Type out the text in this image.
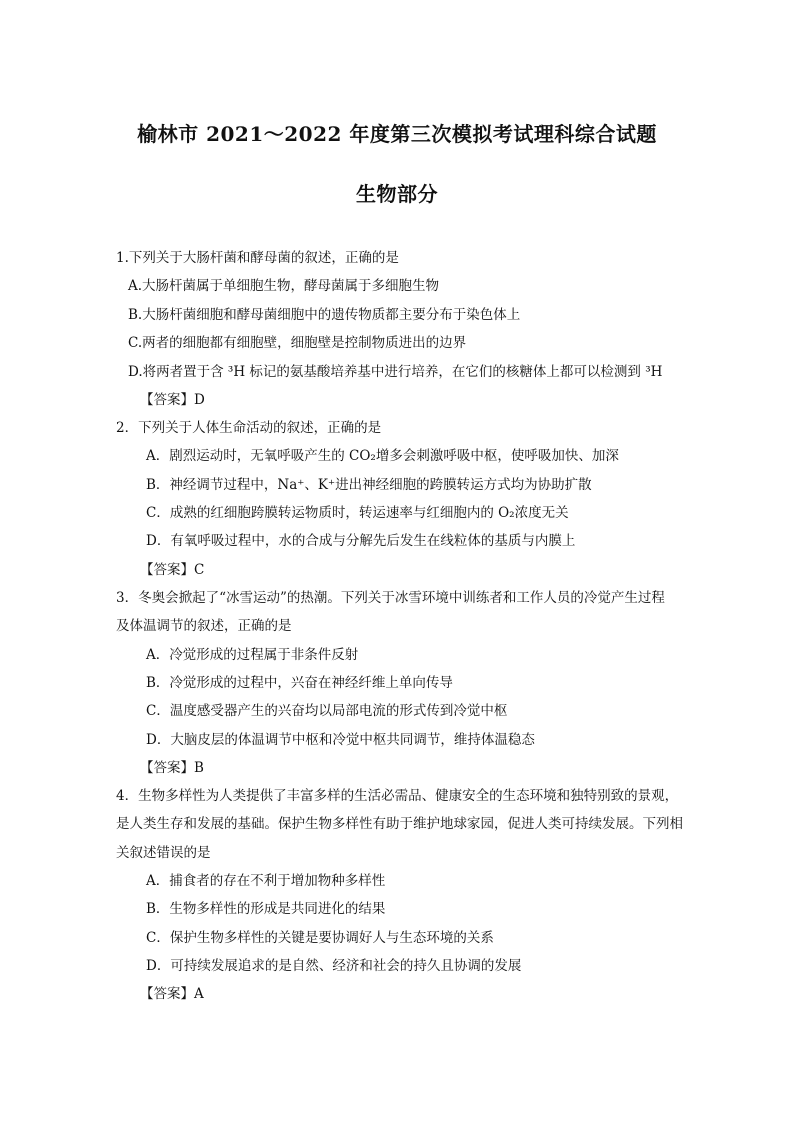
榆林市 2021～2022 年度第三次模拟考试理科综合试题
生物部分
1.下列关于大肠杆菌和酵母菌的叙述，正确的是
A.大肠杆菌属于单细胞生物，酵母菌属于多细胞生物
B.大肠杆菌细胞和酵母菌细胞中的遗传物质都主要分布于染色体上
C.两者的细胞都有细胞壁，细胞壁是控制物质进出的边界
D.将两者置于含 ³H 标记的氨基酸培养基中进行培养，在它们的核糖体上都可以检测到 ³H
【答案】D
2．下列关于人体生命活动的叙述，正确的是
A．剧烈运动时，无氧呼吸产生的 CO₂增多会刺激呼吸中枢，使呼吸加快、加深
B．神经调节过程中，Na⁺、K⁺进出神经细胞的跨膜转运方式均为协助扩散
C．成熟的红细胞跨膜转运物质时，转运速率与红细胞内的 O₂浓度无关
D．有氧呼吸过程中，水的合成与分解先后发生在线粒体的基质与内膜上
【答案】C
3．冬奥会掀起了“冰雪运动”的热潮。下列关于冰雪环境中训练者和工作人员的冷觉产生过程
及体温调节的叙述，正确的是
A．冷觉形成的过程属于非条件反射
B．冷觉形成的过程中，兴奋在神经纤维上单向传导
C．温度感受器产生的兴奋均以局部电流的形式传到冷觉中枢
D．大脑皮层的体温调节中枢和冷觉中枢共同调节，维持体温稳态
【答案】B
4．生物多样性为人类提供了丰富多样的生活必需品、健康安全的生态环境和独特别致的景观，
是人类生存和发展的基础。保护生物多样性有助于维护地球家园，促进人类可持续发展。下列相
关叙述错误的是
A．捕食者的存在不利于增加物种多样性
B．生物多样性的形成是共同进化的结果
C．保护生物多样性的关键是要协调好人与生态环境的关系
D．可持续发展追求的是自然、经济和社会的持久且协调的发展
【答案】A
